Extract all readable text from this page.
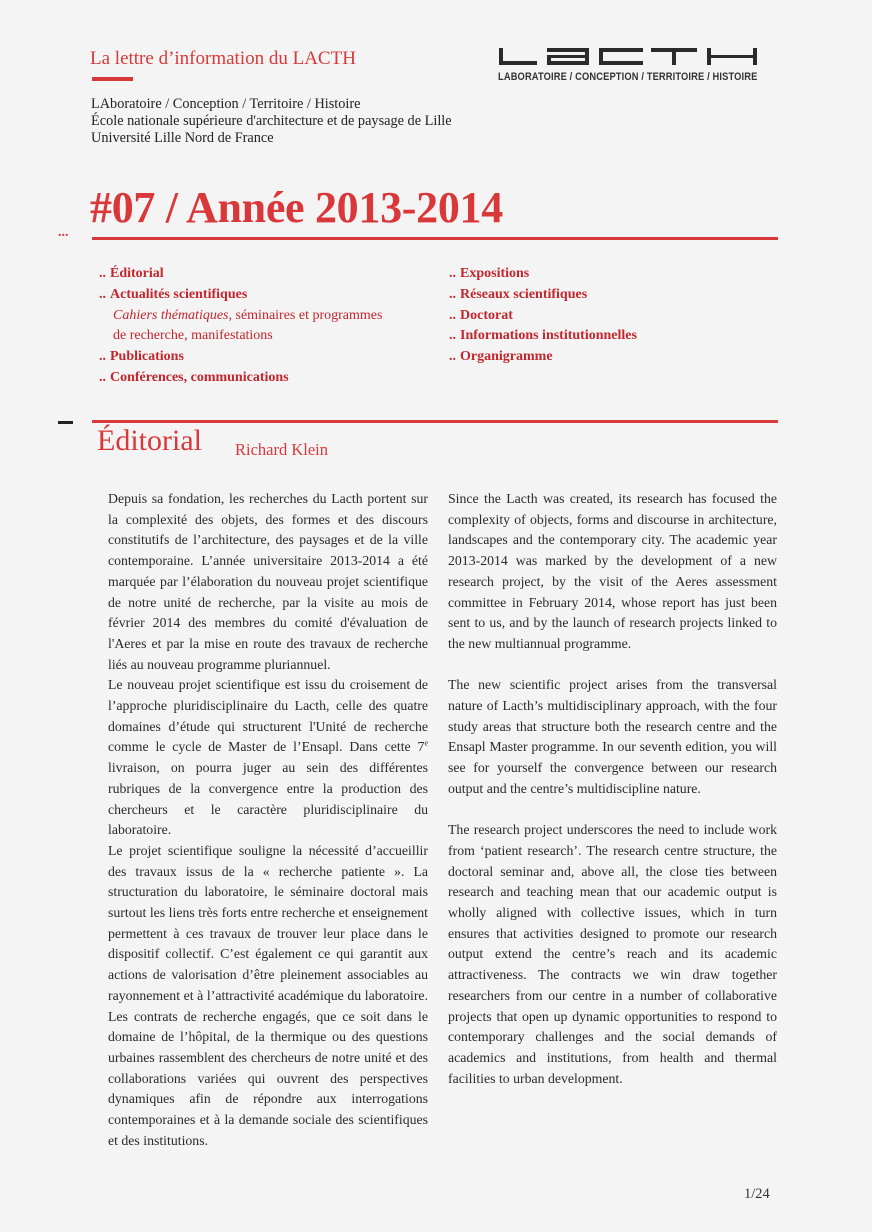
La lettre d’information du LACTH
LAboratoire / Conception / Territoire / Histoire
École nationale supérieure d'architecture et de paysage de Lille
Université Lille Nord de France
LABORATOIRE / CONCEPTION / TERRITOIRE / HISTOIRE
#07 / Année 2013-2014
...
.. Éditorial
.. Actualités scientifiques
Cahiers thématiques, séminaires et programmes
de recherche, manifestations
.. Publications
.. Conférences, communications
.. Expositions
.. Réseaux scientifiques
.. Doctorat
.. Informations institutionnelles
.. Organigramme
Éditorial Richard Klein

Depuis sa fondation, les recherches du Lacth portent sur la complexité des objets, des formes et des discours constitutifs de l’architecture, des paysages et de la ville contemporaine. L’année universitaire 2013-2014 a été marquée par l’élaboration du nouveau projet scientifique de notre unité de recherche, par la visite au mois de février 2014 des membres du comité d'évaluation de l'Aeres et par la mise en route des travaux de recherche liés au nouveau programme pluriannuel.

Le nouveau projet scientifique est issu du croisement de l’approche pluridisciplinaire du Lacth, celle des quatre domaines d’étude qui structurent l'Unité de recherche comme le cycle de Master de l’Ensapl. Dans cette 7e livraison, on pourra juger au sein des différentes rubriques de la convergence entre la production des chercheurs et le caractère pluridisciplinaire du laboratoire.

Le projet scientifique souligne la nécessité d’accueillir des travaux issus de la « recherche patiente ». La structuration du laboratoire, le séminaire doctoral mais surtout les liens très forts entre recherche et enseignement permettent à ces travaux de trouver leur place dans le dispositif collectif. C’est également ce qui garantit aux actions de valorisation d’être pleinement associables au rayonnement et à l’attractivité académique du laboratoire. Les contrats de recherche engagés, que ce soit dans le domaine de l’hôpital, de la thermique ou des questions urbaines rassemblent des chercheurs de notre unité et des collaborations variées qui ouvrent des perspectives dynamiques afin de répondre aux interrogations contemporaines et à la demande sociale des scientifiques et des institutions.

Since the Lacth was created, its research has focused the complexity of objects, forms and discourse in architecture, landscapes and the contemporary city. The academic year 2013-2014 was marked by the development of a new research project, by the visit of the Aeres assessment committee in February 2014, whose report has just been sent to us, and by the launch of research projects linked to the new multiannual programme.

The new scientific project arises from the transversal nature of Lacth’s multidisciplinary approach, with the four study areas that structure both the research centre and the Ensapl Master programme. In our seventh edition, you will see for yourself the convergence between our research output and the centre’s multidiscipline nature.

The research project underscores the need to include work from ‘patient research’. The research centre structure, the doctoral seminar and, above all, the close ties between research and teaching mean that our academic output is wholly aligned with collective issues, which in turn ensures that activities designed to promote our research output extend the centre’s reach and its academic attractiveness. The contracts we win draw together researchers from our centre in a number of collaborative projects that open up dynamic opportunities to respond to contemporary challenges and the social demands of academics and institutions, from health and thermal facilities to urban development.

1/24
